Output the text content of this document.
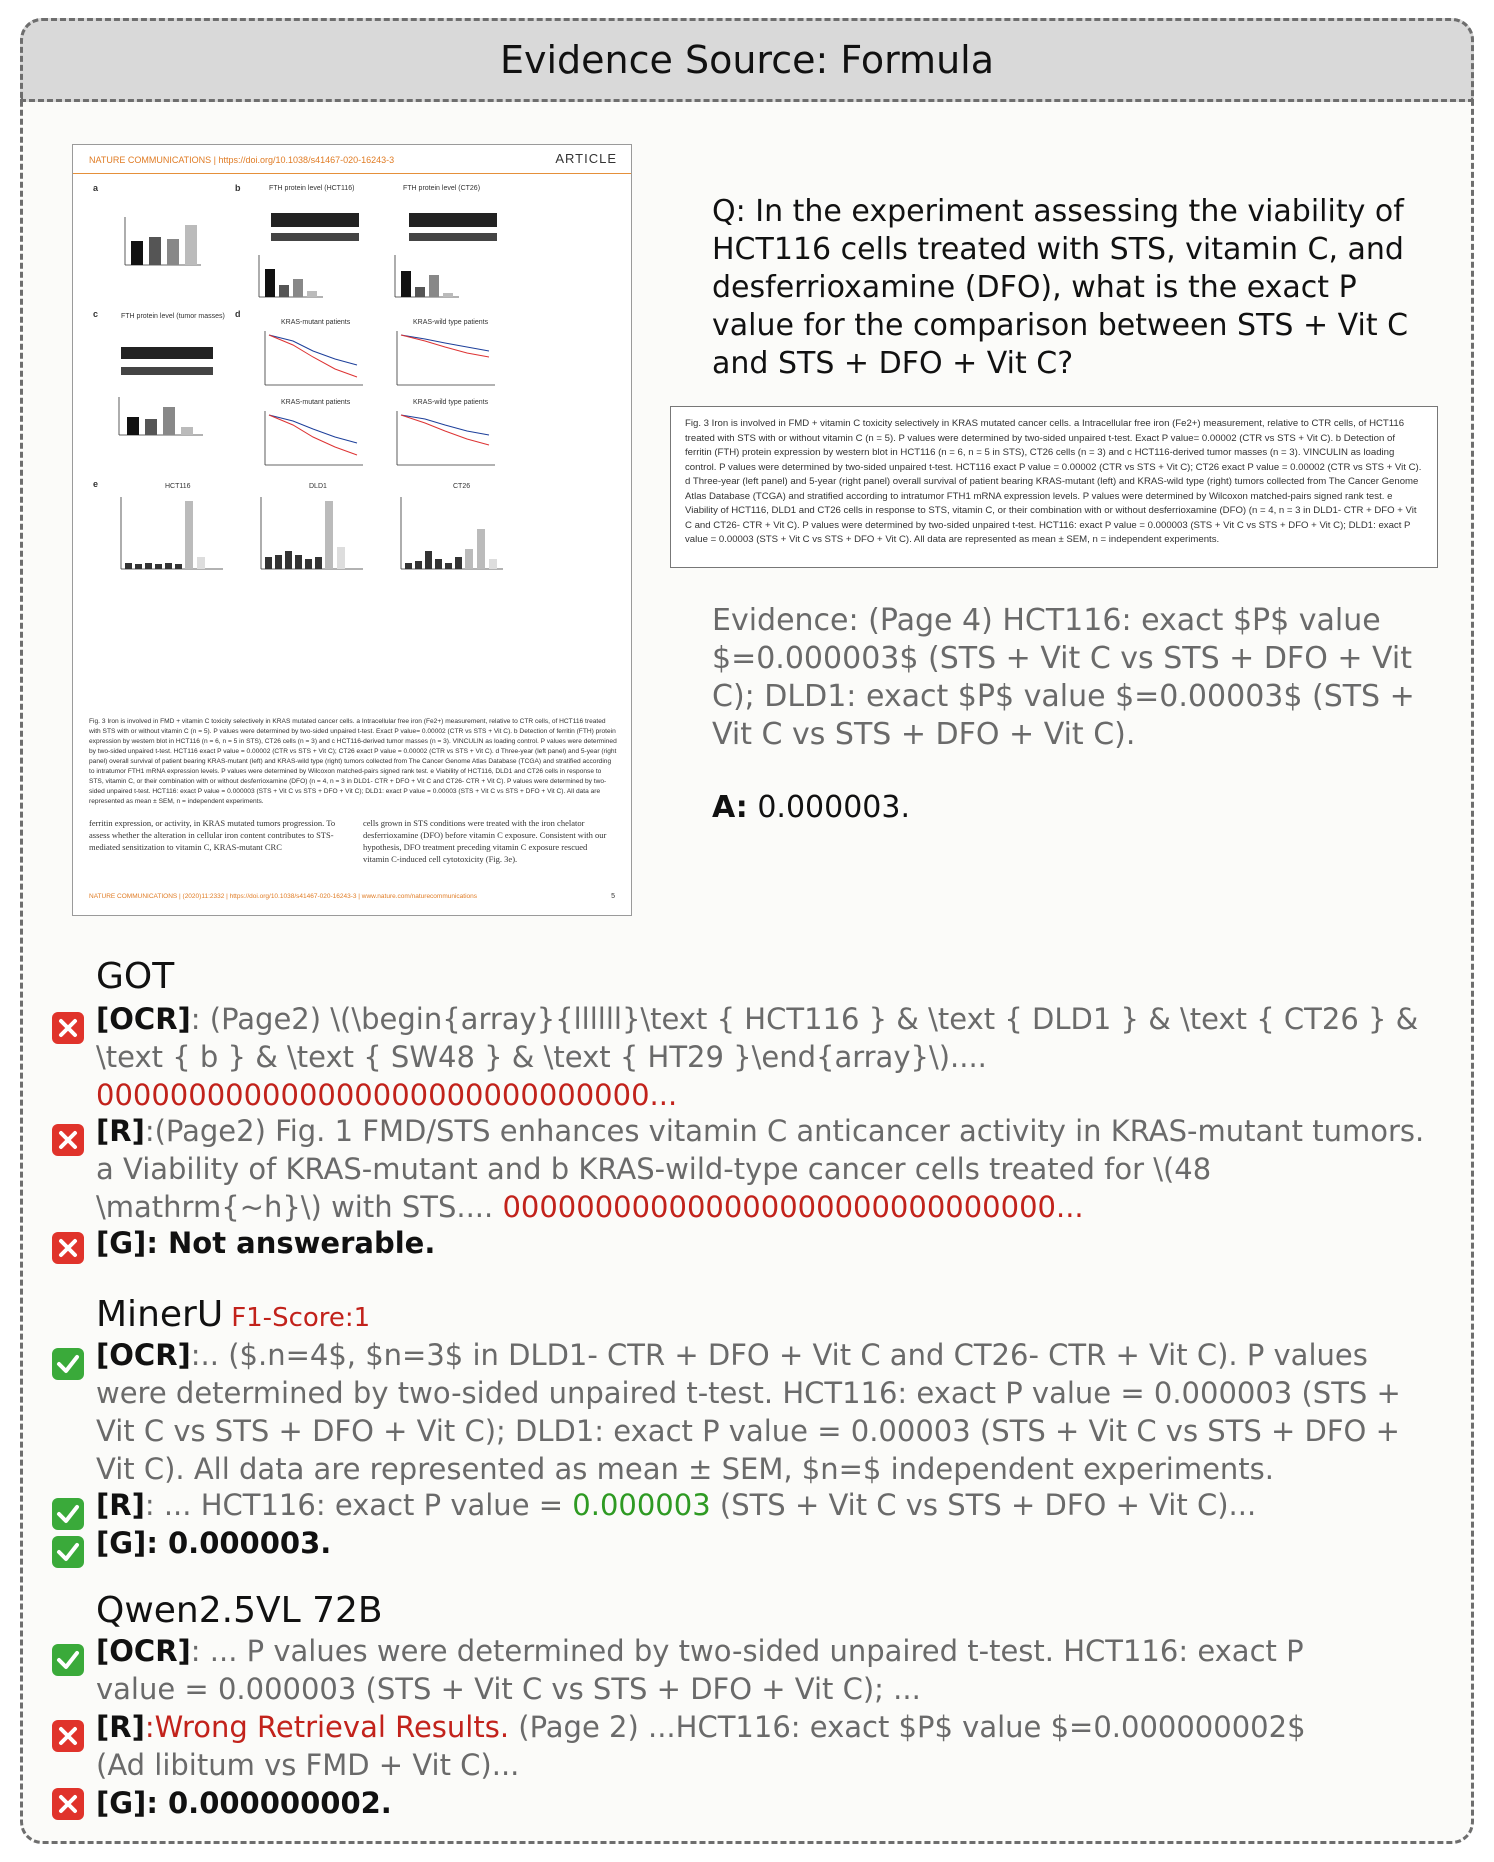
Evidence Source: Formula
NATURE COMMUNICATIONS | https://doi.org/10.1038/s41467-020-16243-3	ARTICLE
a	b	FTH protein level (HCT116)	FTH protein level (CT26)
c	FTH protein level (tumor masses) d
KRAS-mutant patients	KRAS-wild type patients
KRAS-mutant patients	KRAS-wild type patients
e	HCT116	DLD1	CT26
Fig. 3 Iron is involved in FMD + vitamin C toxicity selectively in KRAS mutated cancer cells. a Intracellular free iron (Fe2+) measurement, relative to CTR cells, of HCT116 treated with STS with or without vitamin C (n = 5). P values were determined by two-sided unpaired t-test. Exact P value= 0.00002 (CTR vs STS + Vit C). b Detection of ferritin (FTH) protein expression by western blot in HCT116 (n = 6, n = 5 in STS), CT26 cells (n = 3) and c HCT116-derived tumor masses (n = 3). VINCULIN as loading control. P values were determined by two-sided unpaired t-test. HCT116 exact P value = 0.00002 (CTR vs STS + Vit C); CT26 exact P value = 0.00002 (CTR vs STS + Vit C). d Three-year (left panel) and 5-year (right panel) overall survival of patient bearing KRAS-mutant (left) and KRAS-wild type (right) tumors collected from The Cancer Genome Atlas Database (TCGA) and stratified according to intratumor FTH1 mRNA expression levels. P values were determined by Wilcoxon matched-pairs signed rank test. e Viability of HCT116, DLD1 and CT26 cells in response to STS, vitamin C, or their combination with or without desferrioxamine (DFO) (n = 4, n = 3 in DLD1- CTR + DFO + Vit C and CT26- CTR + Vit C). P values were determined by two-sided unpaired t-test. HCT116: exact P value = 0.000003 (STS + Vit C vs STS + DFO + Vit C); DLD1: exact P value = 0.00003 (STS + Vit C vs STS + DFO + Vit C). All data are represented as mean ± SEM, n = independent experiments.
ferritin expression, or activity, in KRAS mutated tumors progression. To assess whether the alteration in cellular iron content contributes to STS-mediated sensitization to vitamin C, KRAS-mutant CRC
cells grown in STS conditions were treated with the iron chelator desferrioxamine (DFO) before vitamin C exposure. Consistent with our hypothesis, DFO treatment preceding vitamin C exposure rescued vitamin C-induced cell cytotoxicity (Fig. 3e).
NATURE COMMUNICATIONS | (2020)11:2332 | https://doi.org/10.1038/s41467-020-16243-3 | www.nature.com/naturecommunications	5
Q: In the experiment assessing the viability of HCT116 cells treated with STS, vitamin C, and desferrioxamine (DFO), what is the exact P value for the comparison between STS + Vit C and STS + DFO + Vit C?
Fig. 3 Iron is involved in FMD + vitamin C toxicity selectively in KRAS mutated cancer cells. a Intracellular free iron (Fe2+) measurement, relative to CTR cells, of HCT116 treated with STS with or without vitamin C (n = 5). P values were determined by two-sided unpaired t-test. Exact P value= 0.00002 (CTR vs STS + Vit C). b Detection of ferritin (FTH) protein expression by western blot in HCT116 (n = 6, n = 5 in STS), CT26 cells (n = 3) and c HCT116-derived tumor masses (n = 3). VINCULIN as loading control. P values were determined by two-sided unpaired t-test. HCT116 exact P value = 0.00002 (CTR vs STS + Vit C); CT26 exact P value = 0.00002 (CTR vs STS + Vit C). d Three-year (left panel) and 5-year (right panel) overall survival of patient bearing KRAS-mutant (left) and KRAS-wild type (right) tumors collected from The Cancer Genome Atlas Database (TCGA) and stratified according to intratumor FTH1 mRNA expression levels. P values were determined by Wilcoxon matched-pairs signed rank test. e Viability of HCT116, DLD1 and CT26 cells in response to STS, vitamin C, or their combination with or without desferrioxamine (DFO) (n = 4, n = 3 in DLD1- CTR + DFO + Vit C and CT26- CTR + Vit C). P values were determined by two-sided unpaired t-test. HCT116: exact P value = 0.000003 (STS + Vit C vs STS + DFO + Vit C); DLD1: exact P value = 0.00003 (STS + Vit C vs STS + DFO + Vit C). All data are represented as mean ± SEM, n = independent experiments.
Evidence: (Page 4) HCT116: exact $P$ value $=0.000003$ (STS + Vit C vs STS + DFO + Vit C); DLD1: exact $P$ value $=0.00003$ (STS + Vit C vs STS + DFO + Vit C).
A: 0.000003.
GOT
[OCR]: (Page2) \(\begin{array}{llllll}\text { HCT116 } & \text { DLD1 } & \text { CT26 } & \text { b } & \text { SW48 } & \text { HT29 }\end{array}\)....
000000000000000000000000000000...
[R]:(Page2) Fig. 1 FMD/STS enhances vitamin C anticancer activity in KRAS-mutant tumors. a Viability of KRAS-mutant and b KRAS-wild-type cancer cells treated for \(48 \mathrm{~h}\) with STS.... 000000000000000000000000000000...
[G]: Not answerable.
MinerU F1-Score:1
[OCR]:.. ($.n=4$, $n=3$ in DLD1- CTR + DFO + Vit C and CT26- CTR + Vit C). P values were determined by two-sided unpaired t-test. HCT116: exact P value = 0.000003 (STS + Vit C vs STS + DFO + Vit C); DLD1: exact P value = 0.00003 (STS + Vit C vs STS + DFO + Vit C). All data are represented as mean ± SEM, $n=$ independent experiments.
[R]: ... HCT116: exact P value = 0.000003 (STS + Vit C vs STS + DFO + Vit C)...
[G]: 0.000003.
Qwen2.5VL 72B
[OCR]: ... P values were determined by two-sided unpaired t-test. HCT116: exact P value = 0.000003 (STS + Vit C vs STS + DFO + Vit C); ...
[R]:Wrong Retrieval Results. (Page 2) ...HCT116: exact $P$ value $=0.000000002$ (Ad libitum vs FMD + Vit C)...
[G]: 0.000000002.
